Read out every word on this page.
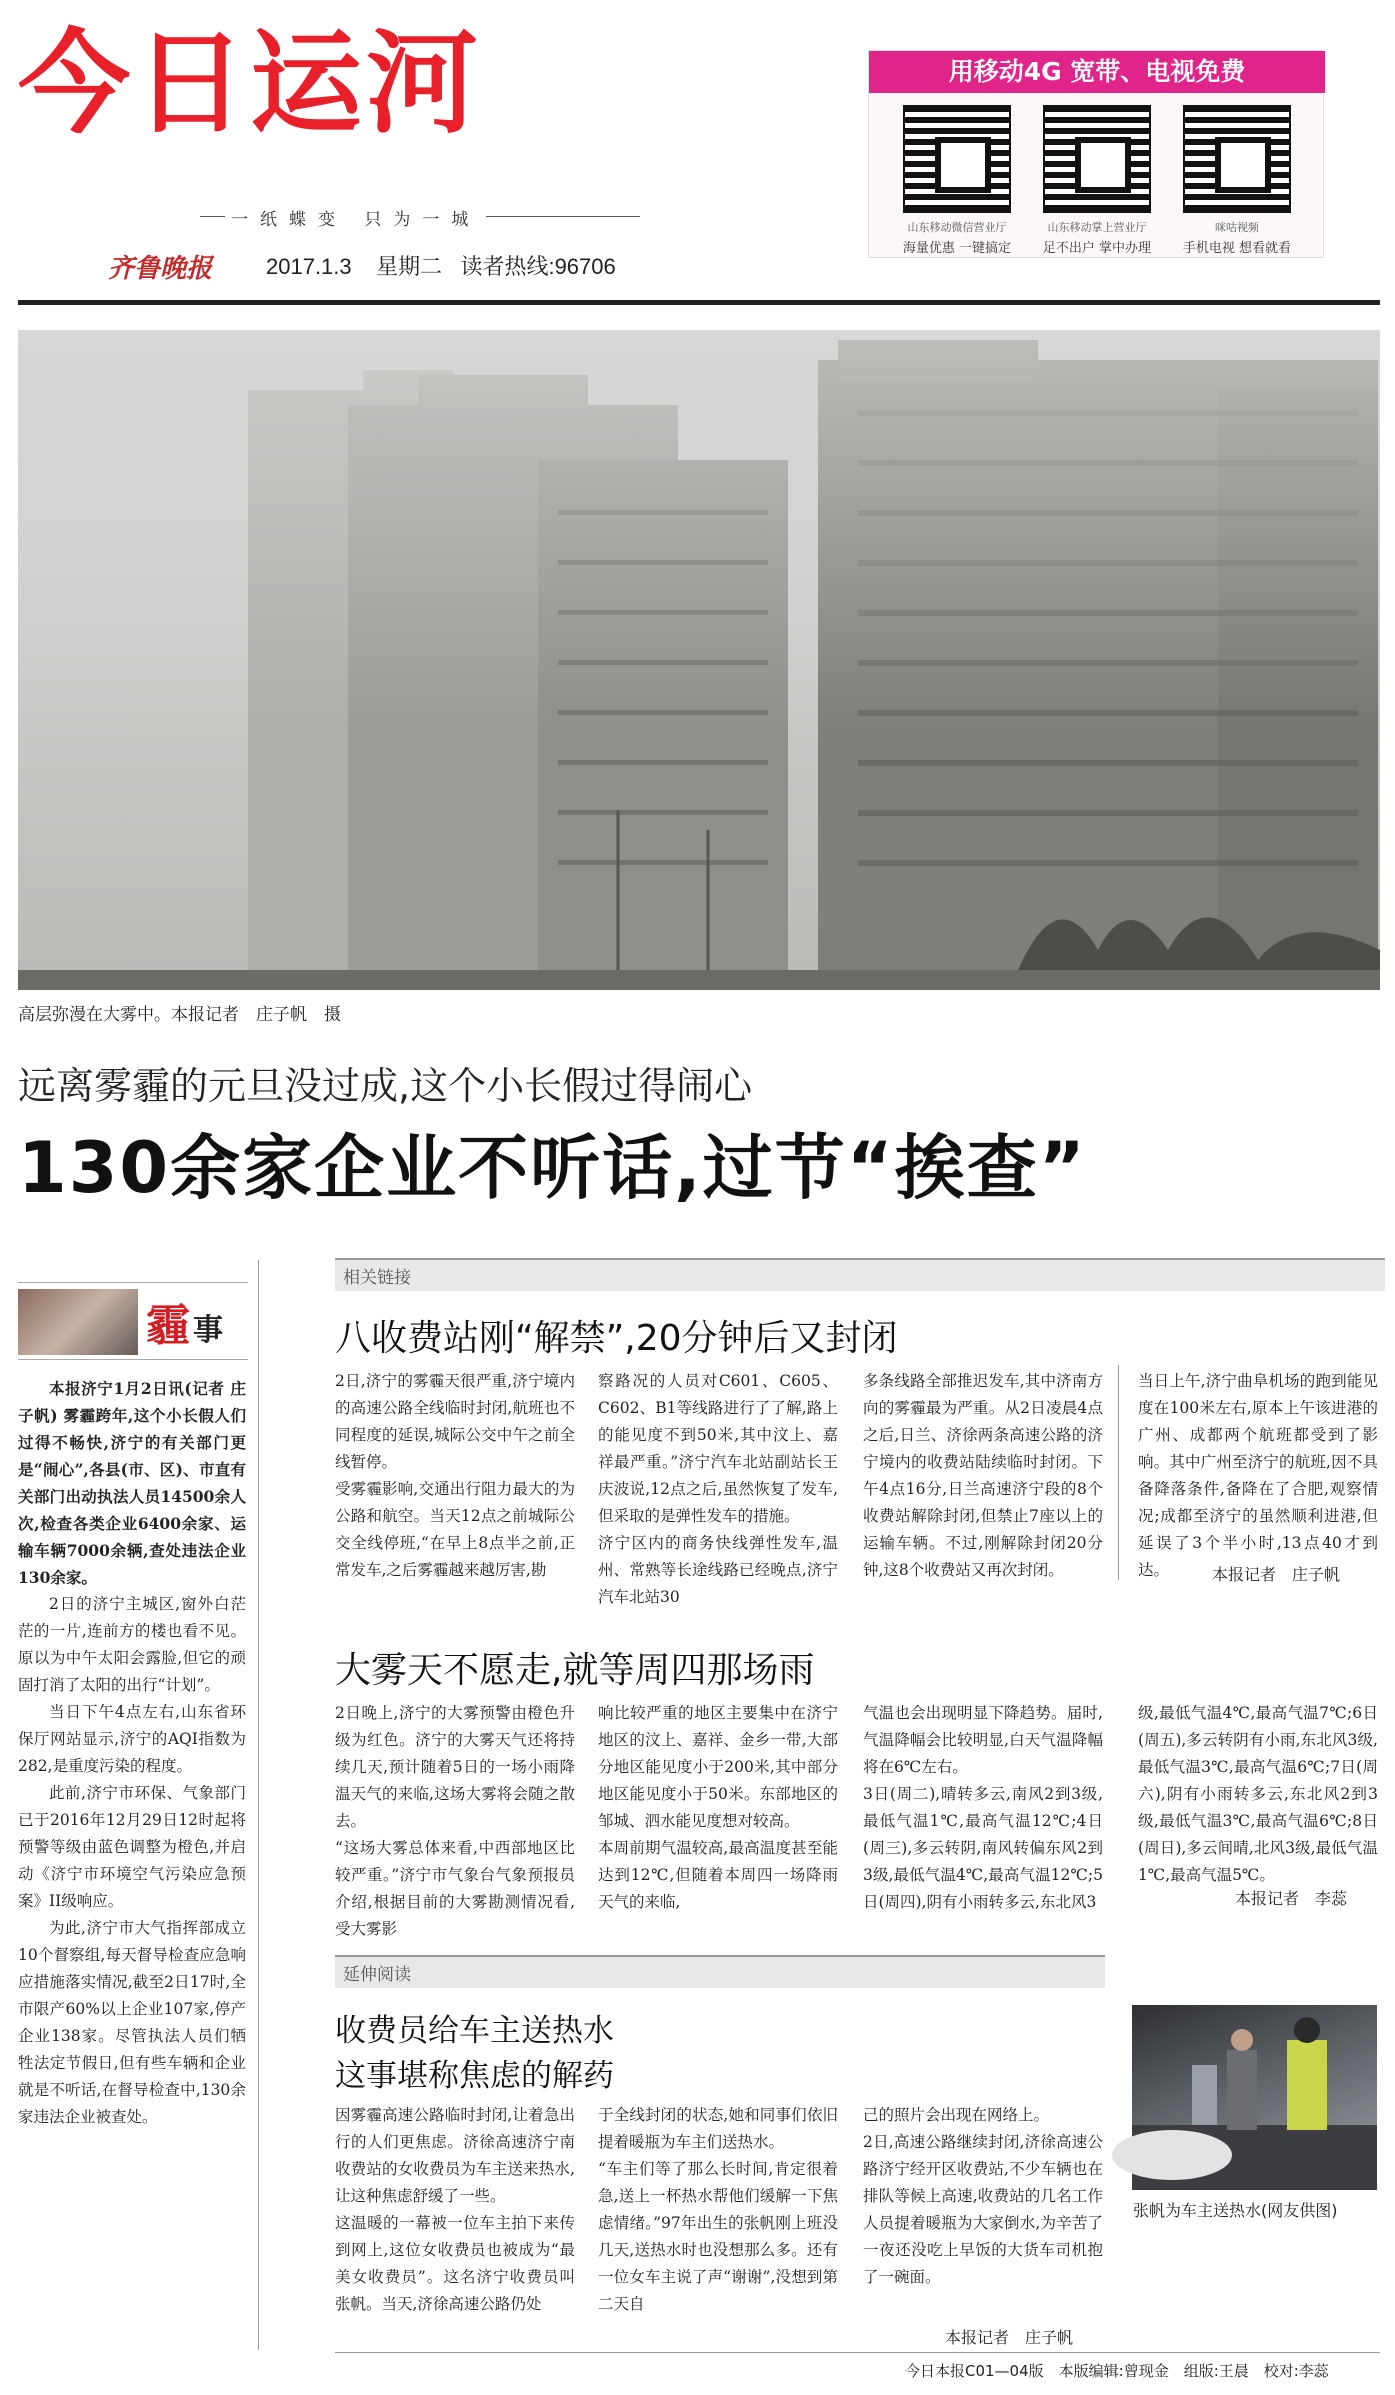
今日运河
一纸蝶变 只为一城
齐鲁晚报 2017.1.3 星期二 读者热线:96706
用移动4G 宽带、电视免费
山东移动微信营业厅	山东移动掌上营业厅	咪咕视频
海量优惠 一键搞定	足不出户 掌中办理	手机电视 想看就看
高层弥漫在大雾中。本报记者　庄子帆　摄
远离雾霾的元旦没过成,这个小长假过得闹心
130余家企业不听话,过节“挨查”
霾 事

本报济宁1月2日讯(记者 庄子帆) 雾霾跨年,这个小长假人们过得不畅快,济宁的有关部门更是“闹心”,各县(市、区)、市直有关部门出动执法人员14500余人次,检查各类企业6400余家、运输车辆7000余辆,查处违法企业130余家。

2日的济宁主城区,窗外白茫茫的一片,连前方的楼也看不见。原以为中午太阳会露脸,但它的顽固打消了太阳的出行“计划”。

当日下午4点左右,山东省环保厅网站显示,济宁的AQI指数为282,是重度污染的程度。

此前,济宁市环保、气象部门已于2016年12月29日12时起将预警等级由蓝色调整为橙色,并启动《济宁市环境空气污染应急预案》II级响应。

为此,济宁市大气指挥部成立10个督察组,每天督导检查应急响应措施落实情况,截至2日17时,全市限产60%以上企业107家,停产企业138家。尽管执法人员们牺牲法定节假日,但有些车辆和企业就是不听话,在督导检查中,130余家违法企业被查处。

相关链接
八收费站刚“解禁”,20分钟后又封闭
2日,济宁的雾霾天很严重,济宁境内的高速公路全线临时封闭,航班也不同程度的延误,城际公交中午之前全线暂停。
受雾霾影响,交通出行阻力最大的为公路和航空。当天12点之前城际公交全线停班,“在早上8点半之前,正常发车,之后雾霾越来越厉害,勘
察路况的人员对C601、C605、C602、B1等线路进行了了解,路上的能见度不到50米,其中汶上、嘉祥最严重。”济宁汽车北站副站长王庆波说,12点之后,虽然恢复了发车,但采取的是弹性发车的措施。
济宁区内的商务快线弹性发车,温州、常熟等长途线路已经晚点,济宁汽车北站30
多条线路全部推迟发车,其中济南方向的雾霾最为严重。从2日凌晨4点之后,日兰、济徐两条高速公路的济宁境内的收费站陆续临时封闭。下午4点16分,日兰高速济宁段的8个收费站解除封闭,但禁止7座以上的运输车辆。不过,刚解除封闭20分钟,这8个收费站又再次封闭。
当日上午,济宁曲阜机场的跑到能见度在100米左右,原本上午该进港的广州、成都两个航班都受到了影响。其中广州至济宁的航班,因不具备降落条件,备降在了合肥,观察情况;成都至济宁的虽然顺利进港,但延误了3个半小时,13点40才到达。	本报记者　庄子帆
大雾天不愿走,就等周四那场雨
2日晚上,济宁的大雾预警由橙色升级为红色。济宁的大雾天气还将持续几天,预计随着5日的一场小雨降温天气的来临,这场大雾将会随之散去。
“这场大雾总体来看,中西部地区比较严重。”济宁市气象台气象预报员介绍,根据目前的大雾勘测情况看,受大雾影
响比较严重的地区主要集中在济宁地区的汶上、嘉祥、金乡一带,大部分地区能见度小于200米,其中部分地区能见度小于50米。东部地区的邹城、泗水能见度想对较高。
本周前期气温较高,最高温度甚至能达到12℃,但随着本周四一场降雨天气的来临,
气温也会出现明显下降趋势。届时,气温降幅会比较明显,白天气温降幅将在6℃左右。
3日(周二),晴转多云,南风2到3级,最低气温1℃,最高气温12℃;4日(周三),多云转阴,南风转偏东风2到3级,最低气温4℃,最高气温12℃;5日(周四),阴有小雨转多云,东北风3
级,最低气温4℃,最高气温7℃;6日(周五),多云转阴有小雨,东北风3级,最低气温3℃,最高气温6℃;7日(周六),阴有小雨转多云,东北风2到3级,最低气温3℃,最高气温6℃;8日(周日),多云间晴,北风3级,最低气温1℃,最高气温5℃。
本报记者　李蕊
延伸阅读
收费员给车主送热水
这事堪称焦虑的解药
因雾霾高速公路临时封闭,让着急出行的人们更焦虑。济徐高速济宁南收费站的女收费员为车主送来热水,让这种焦虑舒缓了一些。
这温暖的一幕被一位车主拍下来传到网上,这位女收费员也被成为“最美女收费员”。这名济宁收费员叫张帆。当天,济徐高速公路仍处
于全线封闭的状态,她和同事们依旧提着暖瓶为车主们送热水。
“车主们等了那么长时间,肯定很着急,送上一杯热水帮他们缓解一下焦虑情绪。”97年出生的张帆刚上班没几天,送热水时也没想那么多。还有一位女车主说了声“谢谢”,没想到第二天自
己的照片会出现在网络上。
2日,高速公路继续封闭,济徐高速公路济宁经开区收费站,不少车辆也在排队等候上高速,收费站的几名工作人员提着暖瓶为大家倒水,为辛苦了一夜还没吃上早饭的大货车司机抱了一碗面。
本报记者　庄子帆
张帆为车主送热水(网友供图)
今日本报C01—04版　本版编辑:曾现金　组版:王晨　校对:李蕊
